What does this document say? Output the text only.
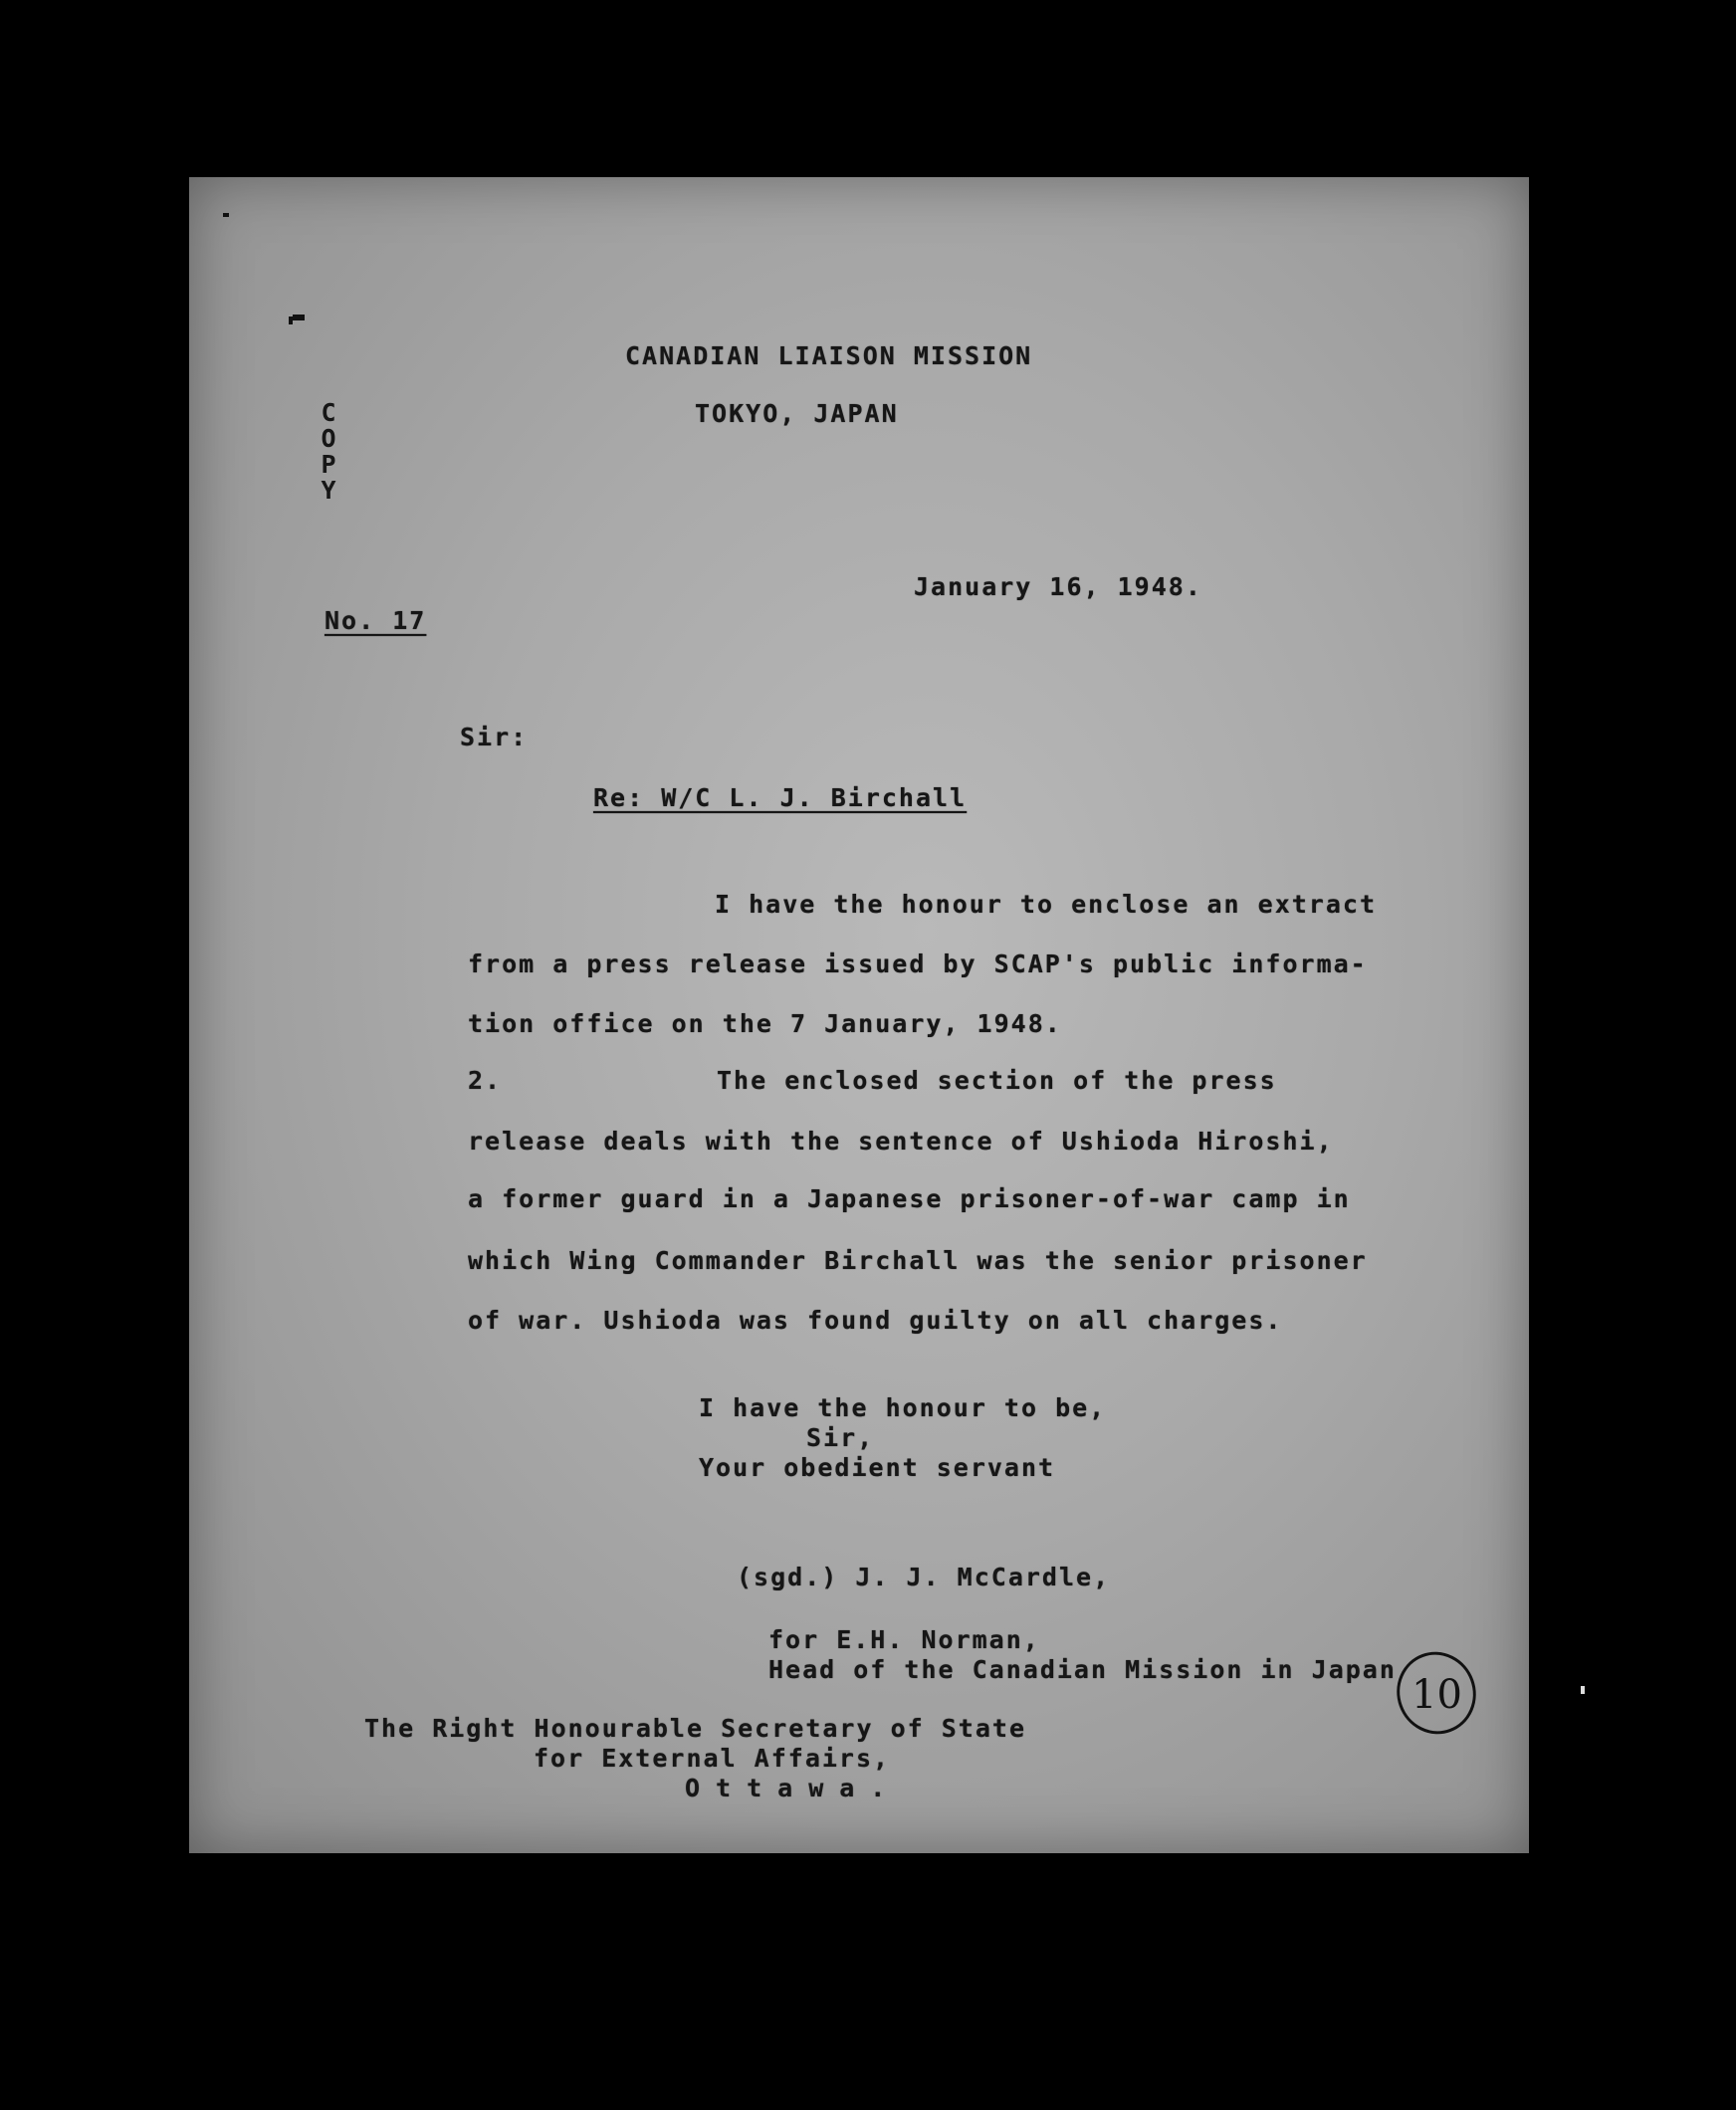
CANADIAN LIAISON MISSION
TOKYO, JAPAN
COPY
January 16, 1948.
No. 17
Sir:
Re: W/C L. J. Birchall
I have the honour to enclose an extract
from a press release issued by SCAP's public informa-
tion office on the 7 January, 1948.
2.	The enclosed section of the press
release deals with the sentence of Ushioda Hiroshi,
a former guard in a Japanese prisoner-of-war camp in
which Wing Commander Birchall was the senior prisoner
of war. Ushioda was found guilty on all charges.
I have the honour to be,
Sir,
Your obedient servant
(sgd.) J. J. McCardle,
for E.H. Norman,
Head of the Canadian Mission in Japan
The Right Honourable Secretary of State
for External Affairs,
Ottawa.
10
